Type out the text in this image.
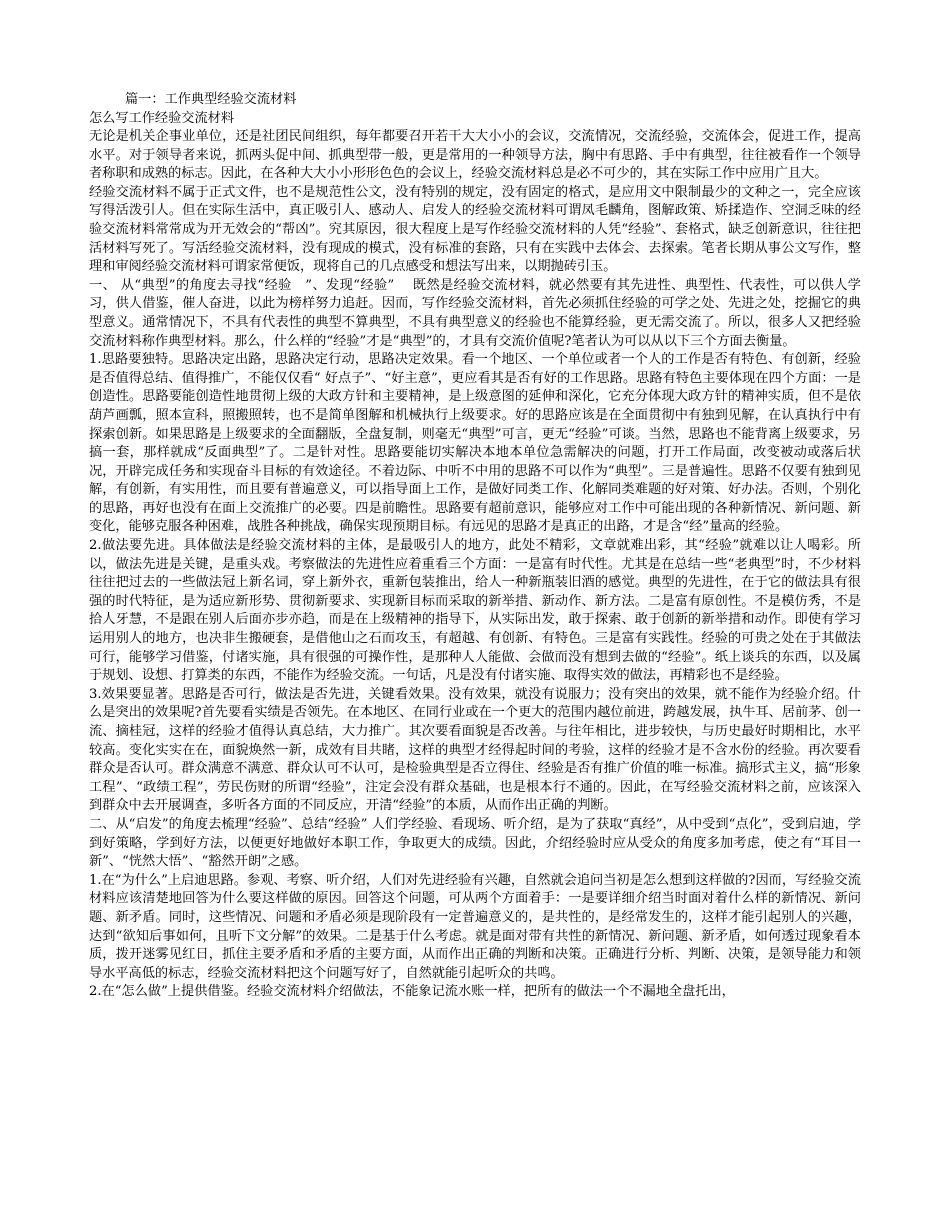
篇一：工作典型经验交流材料
怎么写工作经验交流材料

无论是机关企事业单位，还是社团民间组织，每年都要召开若干大大小小的会议，交流情况，交流经验，交流体会，促进工作，提高水平。对于领导者来说，抓两头促中间、抓典型带一般，更是常用的一种领导方法，胸中有思路、手中有典型，往往被看作一个领导者称职和成熟的标志。因此，在各种大大小小形形色色的会议上，经验交流材料总是必不可少的，其在实际工作中应用广且大。

经验交流材料不属于正式文件，也不是规范性公文，没有特别的规定，没有固定的格式，是应用文中限制最少的文种之一，完全应该写得活泼引人。但在实际生活中，真正吸引人、感动人、启发人的经验交流材料可谓凤毛麟角，图解政策、矫揉造作、空洞乏味的经验交流材料常常成为开无效会的“帮凶”。究其原因，很大程度上是写作经验交流材料的人凭“经验”、套格式，缺乏创新意识，往往把活材料写死了。写活经验交流材料，没有现成的模式，没有标准的套路，只有在实践中去体会、去探索。笔者长期从事公文写作，整理和审阅经验交流材料可谓家常便饭，现将自己的几点感受和想法写出来，以期抛砖引玉。

一、 从“典型”的角度去寻找“经验　”、发现“经验”　 既然是经验交流材料，就必然要有其先进性、典型性、代表性，可以供人学习，供人借鉴，催人奋进，以此为榜样努力追赶。因而，写作经验交流材料，首先必须抓住经验的可学之处、先进之处，挖掘它的典型意义。通常情况下，不具有代表性的典型不算典型，不具有典型意义的经验也不能算经验，更无需交流了。所以，很多人又把经验交流材料称作典型材料。那么，什么样的“经验”才是“典型”的，才具有交流价值呢?笔者认为可以从以下三个方面去衡量。

1.思路要独特。思路决定出路，思路决定行动，思路决定效果。看一个地区、一个单位或者一个人的工作是否有特色、有创新，经验是否值得总结、值得推广，不能仅仅看“ 好点子”、“好主意”，更应看其是否有好的工作思路。思路有特色主要体现在四个方面：一是创造性。思路要能创造性地贯彻上级的大政方针和主要精神，是上级意图的延伸和深化，它充分体现大政方针的精神实质，但不是依葫芦画瓢，照本宣科，照搬照转，也不是简单图解和机械执行上级要求。好的思路应该是在全面贯彻中有独到见解，在认真执行中有探索创新。如果思路是上级要求的全面翻版，全盘复制，则毫无“典型”可言，更无“经验”可谈。当然，思路也不能背离上级要求，另搞一套，那样就成“反面典型”了。二是针对性。思路要能切实解决本地本单位急需解决的问题，打开工作局面，改变被动或落后状况，开辟完成任务和实现奋斗目标的有效途径。不着边际、中听不中用的思路不可以作为“典型”。三是普遍性。思路不仅要有独到见解，有创新，有实用性，而且要有普遍意义，可以指导面上工作，是做好同类工作、化解同类难题的好对策、好办法。否则，个别化的思路，再好也没有在面上交流推广的必要。四是前瞻性。思路要有超前意识，能够应对工作中可能出现的各种新情况、新问题、新变化，能够克服各种困难，战胜各种挑战，确保实现预期目标。有远见的思路才是真正的出路，才是含“经”量高的经验。

2.做法要先进。具体做法是经验交流材料的主体，是最吸引人的地方，此处不精彩，文章就难出彩，其“经验”就难以让人喝彩。所以，做法先进是关键，是重头戏。考察做法的先进性应着重看三个方面：一是富有时代性。尤其是在总结一些“老典型”时，不少材料往往把过去的一些做法冠上新名词，穿上新外衣，重新包装推出，给人一种新瓶装旧酒的感觉。典型的先进性，在于它的做法具有很强的时代特征，是为适应新形势、贯彻新要求、实现新目标而采取的新举措、新动作、新方法。二是富有原创性。不是模仿秀，不是拾人牙慧，不是跟在别人后面亦步亦趋，而是在上级精神的指导下，从实际出发，敢于探索、敢于创新的新举措和动作。即使有学习运用别人的地方，也决非生搬硬套，是借他山之石而攻玉，有超越、有创新、有特色。三是富有实践性。经验的可贵之处在于其做法可行，能够学习借鉴，付诸实施，具有很强的可操作性，是那种人人能做、会做而没有想到去做的“经验”。纸上谈兵的东西，以及属于规划、设想、打算类的东西，不能作为经验交流。一句话，凡是没有付诸实施、取得实效的做法，再精彩也不是经验。

3.效果要显著。思路是否可行，做法是否先进，关键看效果。没有效果，就没有说服力；没有突出的效果，就不能作为经验介绍。什么是突出的效果呢?首先要看实绩是否领先。在本地区、在同行业或在一个更大的范围内越位前进，跨越发展，执牛耳、居前茅、创一流、摘桂冠，这样的经验才值得认真总结，大力推广。其次要看面貌是否改善。与往年相比，进步较快，与历史最好时期相比，水平较高。变化实实在在，面貌焕然一新，成效有目共睹，这样的典型才经得起时间的考验，这样的经验才是不含水份的经验。再次要看群众是否认可。群众满意不满意、群众认可不认可，是检验典型是否立得住、经验是否有推广价值的唯一标准。搞形式主义，搞“形象工程”、“政绩工程”，劳民伤财的所谓“经验”，注定会没有群众基础，也是根本行不通的。因此，在写经验交流材料之前，应该深入到群众中去开展调查，多听各方面的不同反应，开清“经验”的本质，从而作出正确的判断。

二、从“启发”的角度去梳理“经验”、总结“经验” 人们学经验、看现场、听介绍，是为了获取“真经”，从中受到“点化”，受到启迪，学到好策略，学到好方法，以便更好地做好本职工作，争取更大的成绩。因此，介绍经验时应从受众的角度多加考虑，使之有“耳目一新”、“恍然大悟”、“豁然开朗”之感。

1.在“为什么”上启迪思路。参观、考察、听介绍，人们对先进经验有兴趣，自然就会追问当初是怎么想到这样做的?因而，写经验交流材料应该清楚地回答为什么要这样做的原因。回答这个问题，可从两个方面着手：一是要详细介绍当时面对着什么样的新情况、新问题、新矛盾。同时，这些情况、问题和矛盾必须是现阶段有一定普遍意义的，是共性的，是经常发生的，这样才能引起别人的兴趣，达到“欲知后事如何，且听下文分解”的效果。二是基于什么考虑。就是面对带有共性的新情况、新问题、新矛盾，如何透过现象看本质，拨开迷雾见红日，抓住主要矛盾和矛盾的主要方面，从而作出正确的判断和决策。正确进行分析、判断、决策，是领导能力和领导水平高低的标志，经验交流材料把这个问题写好了，自然就能引起听众的共鸣。

2.在“怎么做”上提供借鉴。经验交流材料介绍做法，不能象记流水账一样，把所有的做法一个不漏地全盘托出，
